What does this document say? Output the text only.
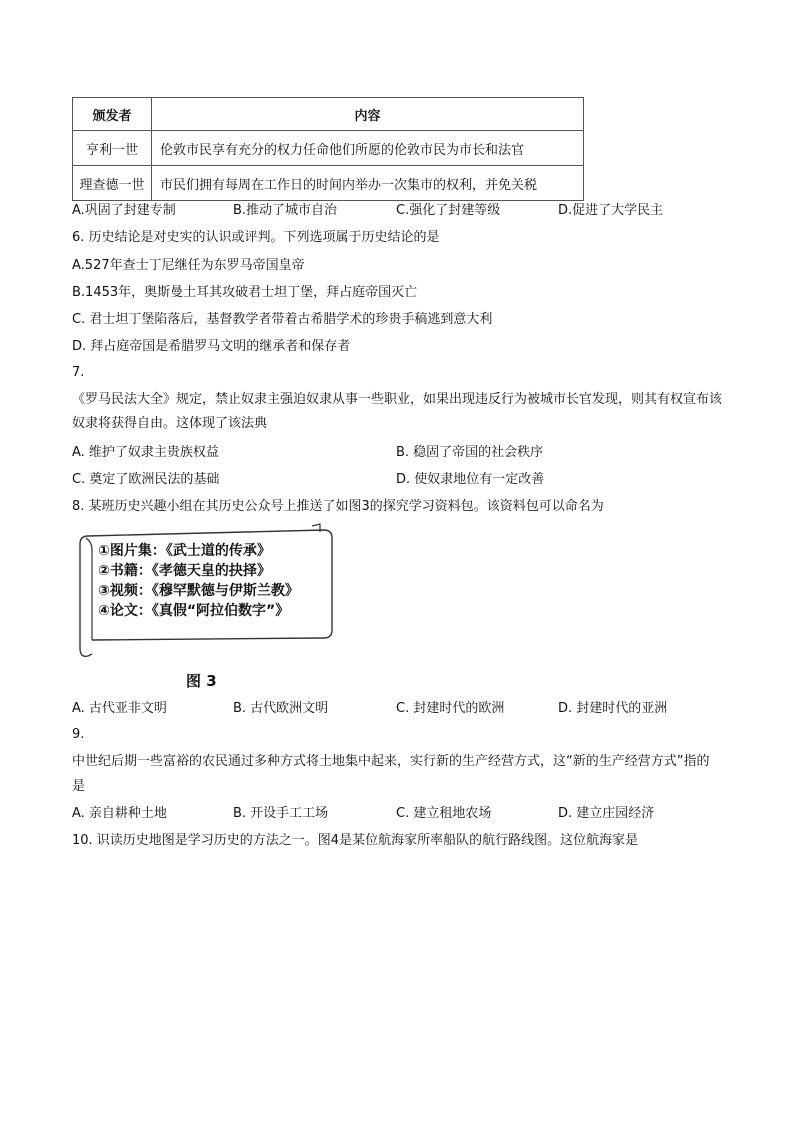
颁发者	内容
亨利一世	伦敦市民享有充分的权力任命他们所愿的伦敦市民为市长和法官
理查德一世	市民们拥有每周在工作日的时间内举办一次集市的权利，并免关税
A.巩固了封建专制	B.推动了城市自治	C.强化了封建等级	D.促进了大学民主
6. 历史结论是对史实的认识或评判。下列选项属于历史结论的是
A.527年查士丁尼继任为东罗马帝国皇帝
B.1453年，奥斯曼土耳其攻破君士坦丁堡，拜占庭帝国灭亡
C. 君士坦丁堡陷落后，基督教学者带着古希腊学术的珍贵手稿逃到意大利
D. 拜占庭帝国是希腊罗马文明的继承者和保存者
7.
《罗马民法大全》规定，禁止奴隶主强迫奴隶从事一些职业，如果出现违反行为被城市长官发现，则其有权宣布该奴隶将获得自由。这体现了该法典
A. 维护了奴隶主贵族权益	B. 稳固了帝国的社会秩序
C. 奠定了欧洲民法的基础	D. 使奴隶地位有一定改善
8. 某班历史兴趣小组在其历史公众号上推送了如图3的探究学习资料包。该资料包可以命名为
①图片集：《武士道的传承》
②书籍：《孝德天皇的抉择》
③视频：《穆罕默德与伊斯兰教》
④论文：《真假“阿拉伯数字”》
图 3
A. 古代亚非文明	B. 古代欧洲文明	C. 封建时代的欧洲	D. 封建时代的亚洲
9.
中世纪后期一些富裕的农民通过多种方式将土地集中起来，实行新的生产经营方式，这“新的生产经营方式”指的是
A. 亲自耕种土地	B. 开设手工工场	C. 建立租地农场	D. 建立庄园经济
10. 识读历史地图是学习历史的方法之一。图4是某位航海家所率船队的航行路线图。这位航海家是
